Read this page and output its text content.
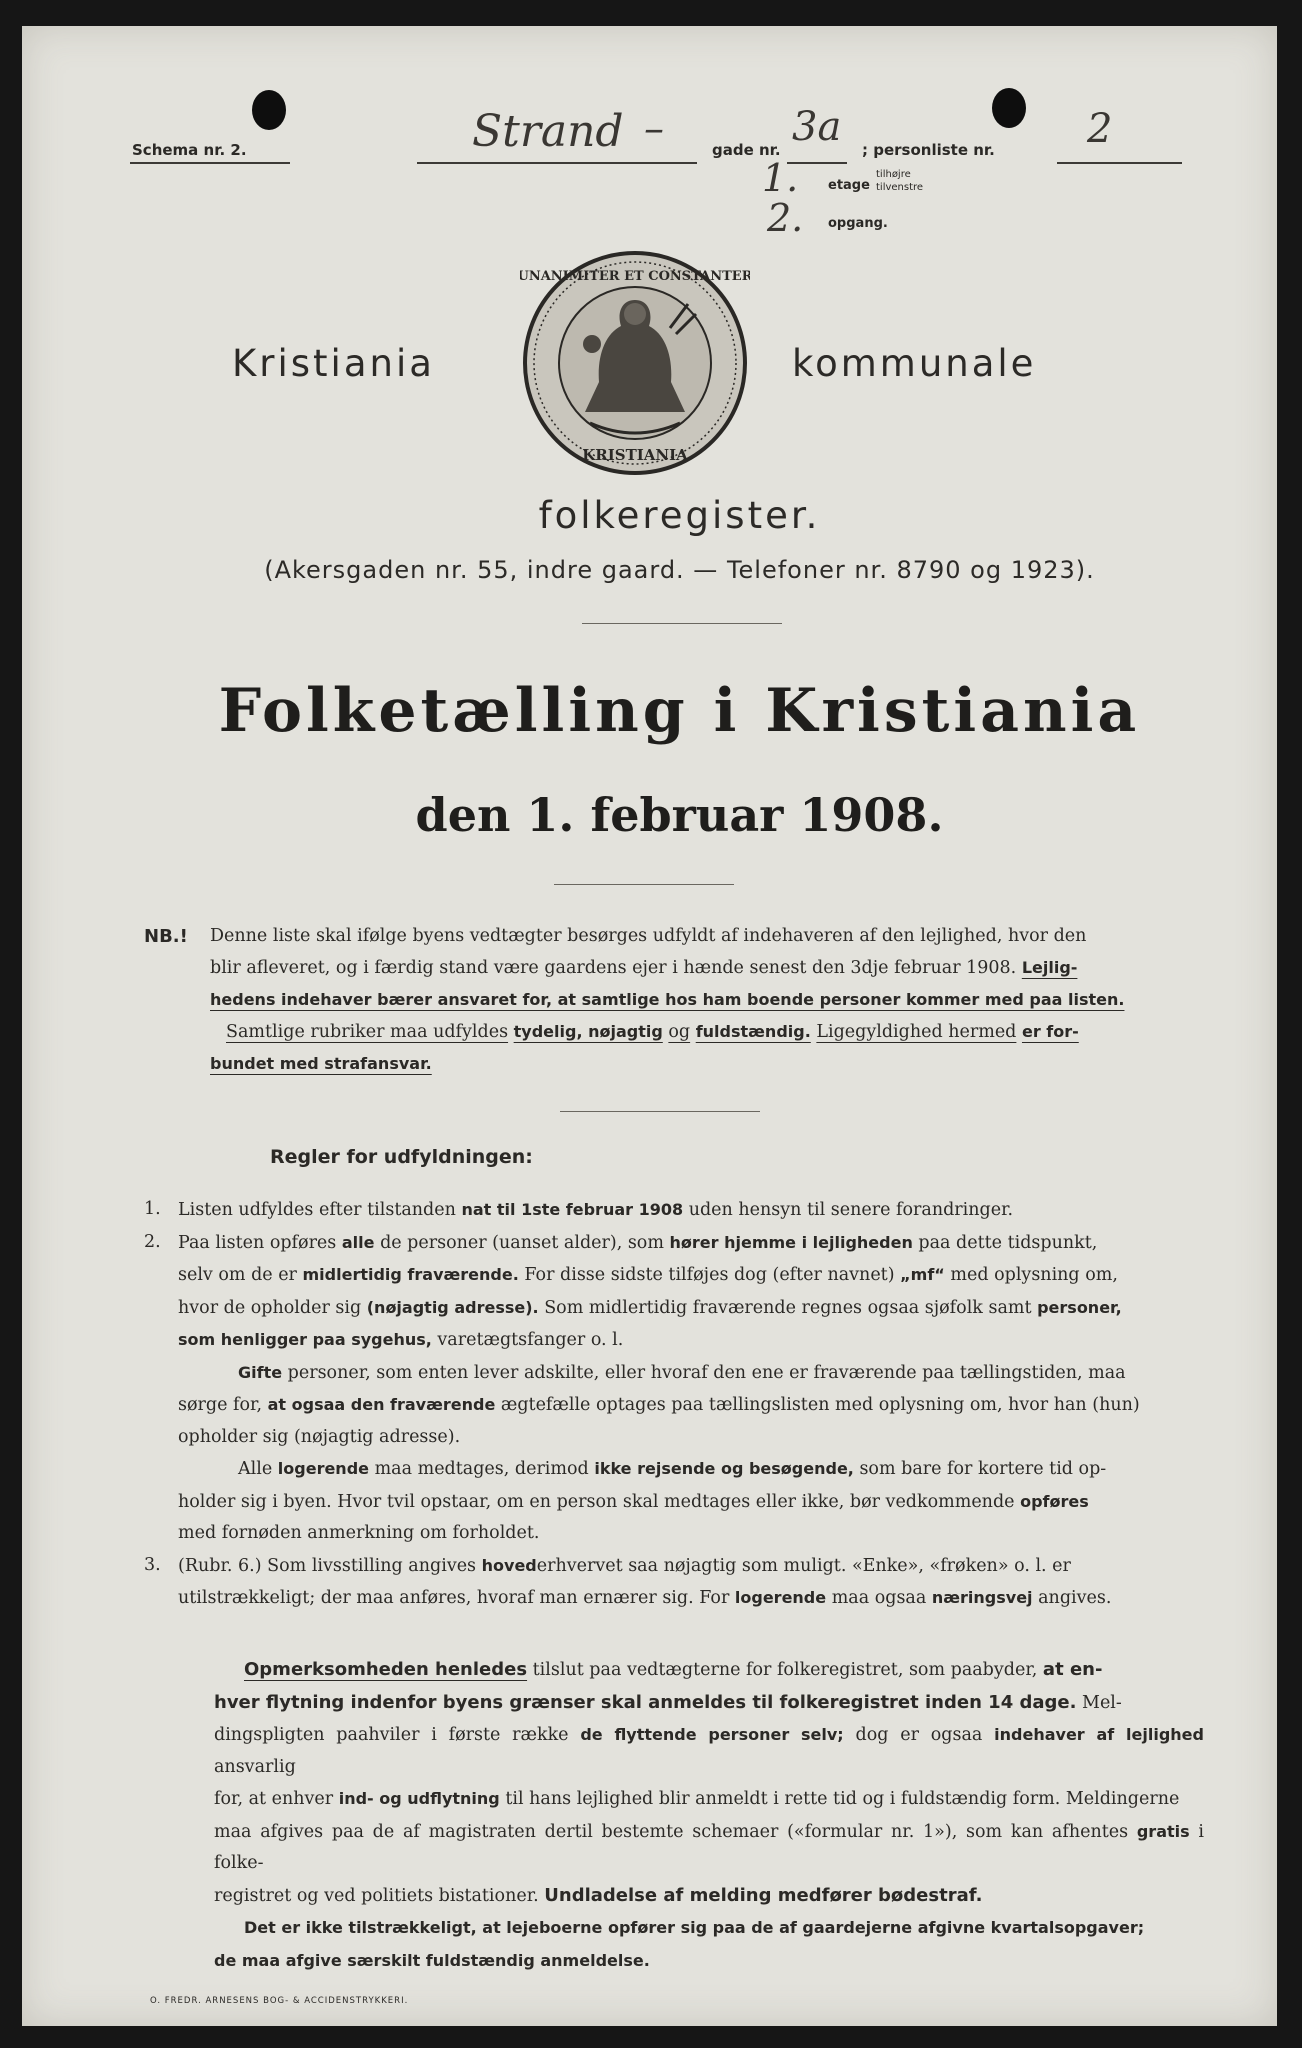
Schema nr. 2.	Strand –	gade nr. 3a ; personliste nr. 2
1. etage
tilhøjre
tilvenstre
2. opgang.
UNANIMITER ET CONSTANTER
KRISTIANIA
Kristiania	kommunale
folkeregister.
(Akersgaden nr. 55, indre gaard. — Telefoner nr. 8790 og 1923).
Folketælling i Kristiania
den 1. februar 1908.
NB.!	Denne liste skal ifølge byens vedtægter besørges udfyldt af indehaveren af den lejlighed, hvor den
blir afleveret, og i færdig stand være gaardens ejer i hænde senest den 3dje februar 1908. Lejlig-
hedens indehaver bærer ansvaret for, at samtlige hos ham boende personer kommer med paa listen.
Samtlige rubriker maa udfyldes tydelig, nøjagtig og fuldstændig. Ligegyldighed hermed er for-
bundet med strafansvar.
Regler for udfyldningen:
1. Listen udfyldes efter tilstanden nat til 1ste februar 1908 uden hensyn til senere forandringer.
2. Paa listen opføres alle de personer (uanset alder), som hører hjemme i lejligheden paa dette tidspunkt,
selv om de er midlertidig fraværende. For disse sidste tilføjes dog (efter navnet) „mf“ med oplysning om,
hvor de opholder sig (nøjagtig adresse). Som midlertidig fraværende regnes ogsaa sjøfolk samt personer,
som henligger paa sygehus, varetægtsfanger o. l.
Gifte personer, som enten lever adskilte, eller hvoraf den ene er fraværende paa tællingstiden, maa
sørge for, at ogsaa den fraværende ægtefælle optages paa tællingslisten med oplysning om, hvor han (hun)
opholder sig (nøjagtig adresse).
Alle logerende maa medtages, derimod ikke rejsende og besøgende, som bare for kortere tid op-
holder sig i byen. Hvor tvil opstaar, om en person skal medtages eller ikke, bør vedkommende opføres
med fornøden anmerkning om forholdet.
3. (Rubr. 6.) Som livsstilling angives hovederhvervet saa nøjagtig som muligt. «Enke», «frøken» o. l. er
utilstrækkeligt; der maa anføres, hvoraf man ernærer sig. For logerende maa ogsaa næringsvej angives.
Opmerksomheden henledes tilslut paa vedtægterne for folkeregistret, som paabyder, at en-
hver flytning indenfor byens grænser skal anmeldes til folkeregistret inden 14 dage. Mel-
dingspligten paahviler i første række de flyttende personer selv; dog er ogsaa indehaver af lejlighed ansvarlig
for, at enhver ind- og udflytning til hans lejlighed blir anmeldt i rette tid og i fuldstændig form. Meldingerne
maa afgives paa de af magistraten dertil bestemte schemaer («formular nr. 1»), som kan afhentes gratis i folke-
registret og ved politiets bistationer. Undladelse af melding medfører bødestraf.
Det er ikke tilstrækkeligt, at lejeboerne opfører sig paa de af gaardejerne afgivne kvartalsopgaver;
de maa afgive særskilt fuldstændig anmeldelse.
O. FREDR. ARNESENS BOG- & ACCIDENSTRYKKERI.
